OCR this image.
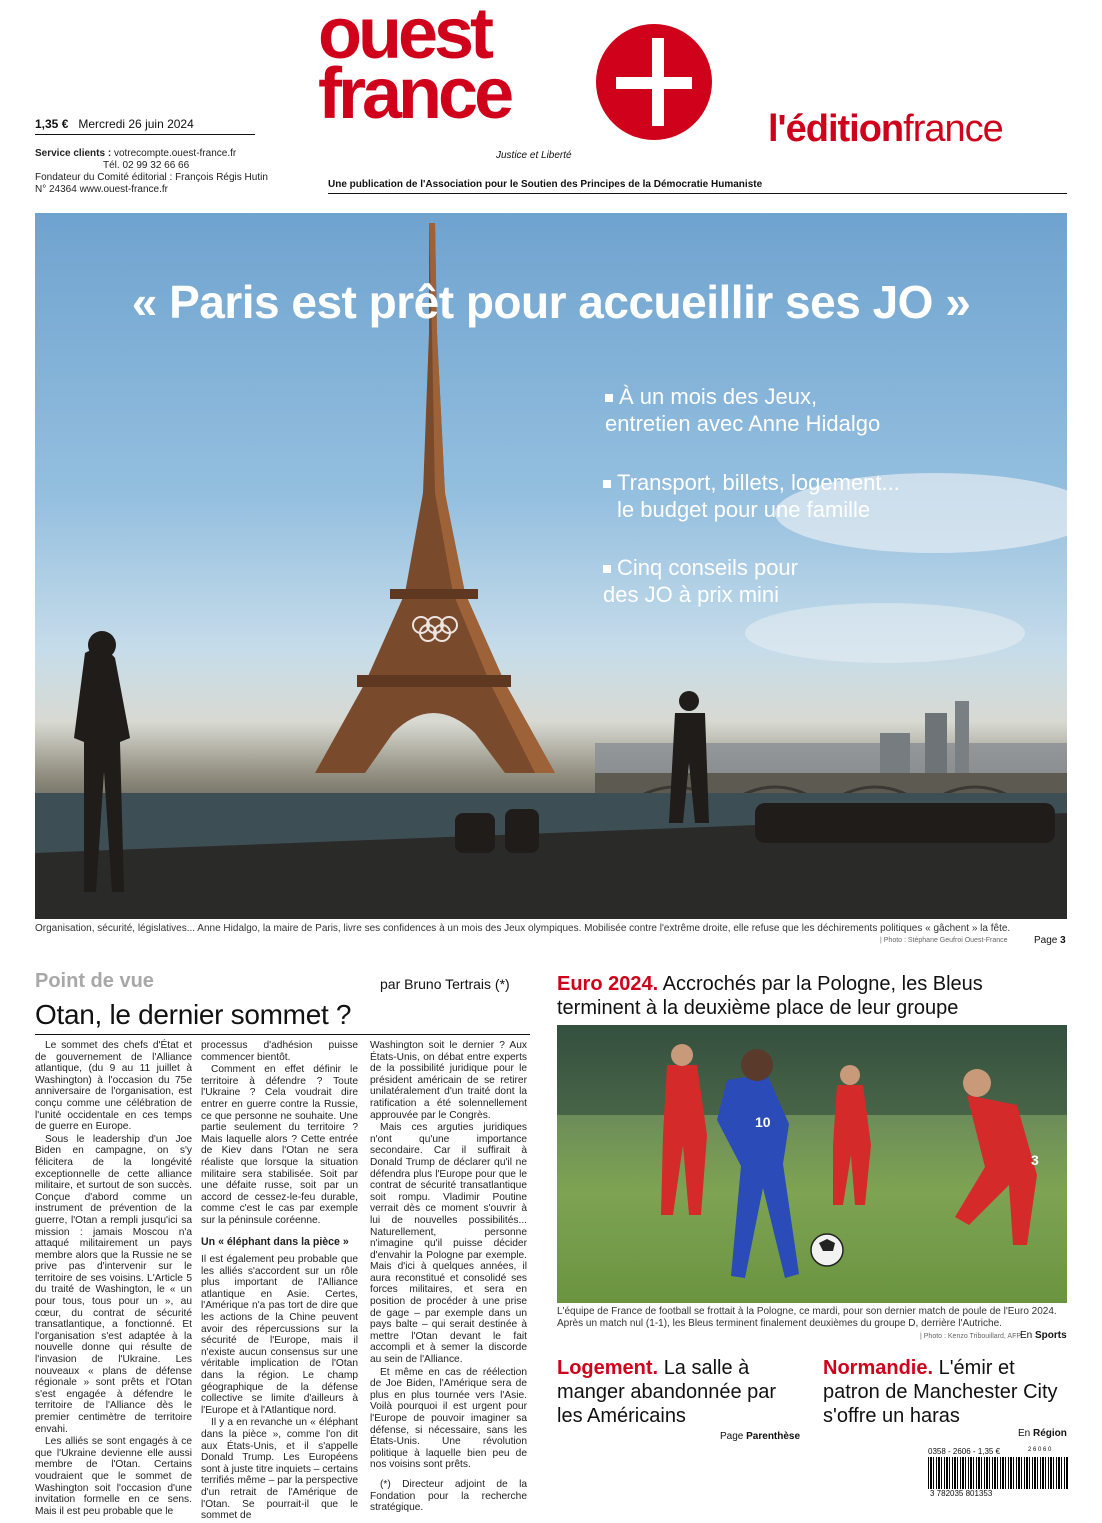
ouest
france
Justice et Liberté
l'éditionfrance
1,35 € Mercredi 26 juin 2024
Service clients : votrecompte.ouest-france.fr
Tél. 02 99 32 66 66
Fondateur du Comité éditorial : François Régis Hutin
N° 24364 www.ouest-france.fr	Une publication de l'Association pour le Soutien des Principes de la Démocratie Humaniste
« Paris est prêt pour accueillir ses JO »
À un mois des Jeux,
entretien avec Anne Hidalgo
Transport, billets, logement...
le budget pour une famille
Cinq conseils pour
des JO à prix mini
Organisation, sécurité, législatives... Anne Hidalgo, la maire de Paris, livre ses confidences à un mois des Jeux olympiques. Mobilisée contre l'extrême droite, elle refuse que les déchirements politiques « gâchent » la fête.
| Photo : Stéphane Geufroi Ouest-France	Page 3
Point de vue	par Bruno Tertrais (*)
Otan, le dernier sommet ?

Le sommet des chefs d'État et de gouvernement de l'Alliance atlantique, (du 9 au 11 juillet à Washington) à l'occasion du 75e anniversaire de l'organisation, est conçu comme une célébration de l'unité occidentale en ces temps de guerre en Europe.

Sous le leadership d'un Joe Biden en campagne, on s'y félicitera de la longévité exceptionnelle de cette alliance militaire, et surtout de son succès. Conçue d'abord comme un instrument de prévention de la guerre, l'Otan a rempli jusqu'ici sa mission : jamais Moscou n'a attaqué militairement un pays membre alors que la Russie ne se prive pas d'intervenir sur le territoire de ses voisins. L'Article 5 du traité de Washington, le « un pour tous, tous pour un », au cœur, du contrat de sécurité transatlantique, a fonctionné. Et l'organisation s'est adaptée à la nouvelle donne qui résulte de l'invasion de l'Ukraine. Les nouveaux « plans de défense régionale » sont prêts et l'Otan s'est engagée à défendre le territoire de l'Alliance dès le premier centimètre de territoire envahi.

Les alliés se sont engagés à ce que l'Ukraine devienne elle aussi membre de l'Otan. Certains voudraient que le sommet de Washington soit l'occasion d'une invitation formelle en ce sens. Mais il est peu probable que le

processus d'adhésion puisse commencer bientôt.

Comment en effet définir le territoire à défendre ? Toute l'Ukraine ? Cela voudrait dire entrer en guerre contre la Russie, ce que personne ne souhaite. Une partie seulement du territoire ? Mais laquelle alors ? Cette entrée de Kiev dans l'Otan ne sera réaliste que lorsque la situation militaire sera stabilisée. Soit par une défaite russe, soit par un accord de cessez-le-feu durable, comme c'est le cas par exemple sur la péninsule coréenne.

Un « éléphant dans la pièce »

Il est également peu probable que les alliés s'accordent sur un rôle plus important de l'Alliance atlantique en Asie. Certes, l'Amérique n'a pas tort de dire que les actions de la Chine peuvent avoir des répercussions sur la sécurité de l'Europe, mais il n'existe aucun consensus sur une véritable implication de l'Otan dans la région. Le champ géographique de la défense collective se limite d'ailleurs à l'Europe et à l'Atlantique nord.

Il y a en revanche un « éléphant dans la pièce », comme l'on dit aux États-Unis, et il s'appelle Donald Trump. Les Européens sont à juste titre inquiets – certains terrifiés même – par la perspective d'un retrait de l'Amérique de l'Otan. Se pourrait-il que le sommet de

Washington soit le dernier ? Aux États-Unis, on débat entre experts de la possibilité juridique pour le président américain de se retirer unilatéralement d'un traité dont la ratification a été solennellement approuvée par le Congrès.

Mais ces arguties juridiques n'ont qu'une importance secondaire. Car il suffirait à Donald Trump de déclarer qu'il ne défendra plus l'Europe pour que le contrat de sécurité transatlantique soit rompu. Vladimir Poutine verrait dès ce moment s'ouvrir à lui de nouvelles possibilités... Naturellement, personne n'imagine qu'il puisse décider d'envahir la Pologne par exemple. Mais d'ici à quelques années, il aura reconstitué et consolidé ses forces militaires, et sera en position de procéder à une prise de gage – par exemple dans un pays balte – qui serait destinée à mettre l'Otan devant le fait accompli et à semer la discorde au sein de l'Alliance.

Et même en cas de réélection de Joe Biden, l'Amérique sera de plus en plus tournée vers l'Asie. Voilà pourquoi il est urgent pour l'Europe de pouvoir imaginer sa défense, si nécessaire, sans les États-Unis. Une révolution politique à laquelle bien peu de nos voisins sont prêts.

(*) Directeur adjoint de la Fondation pour la recherche stratégique.

Euro 2024. Accrochés par la Pologne, les Bleus terminent à la deuxième place de leur groupe
10
3
L'équipe de France de football se frottait à la Pologne, ce mardi, pour son dernier match de poule de l'Euro 2024. Après un match nul (1-1), les Bleus terminent finalement deuxièmes du groupe D, derrière l'Autriche.
| Photo : Kenzo Tribouillard, AFP
En Sports
Logement. La salle à manger abandonnée par les Américains
Page Parenthèse
Normandie. L'émir et patron de Manchester City s'offre un haras
En Région
0358 - 2606 - 1,35 €	2 6 0 6 0
3 782035 801353
